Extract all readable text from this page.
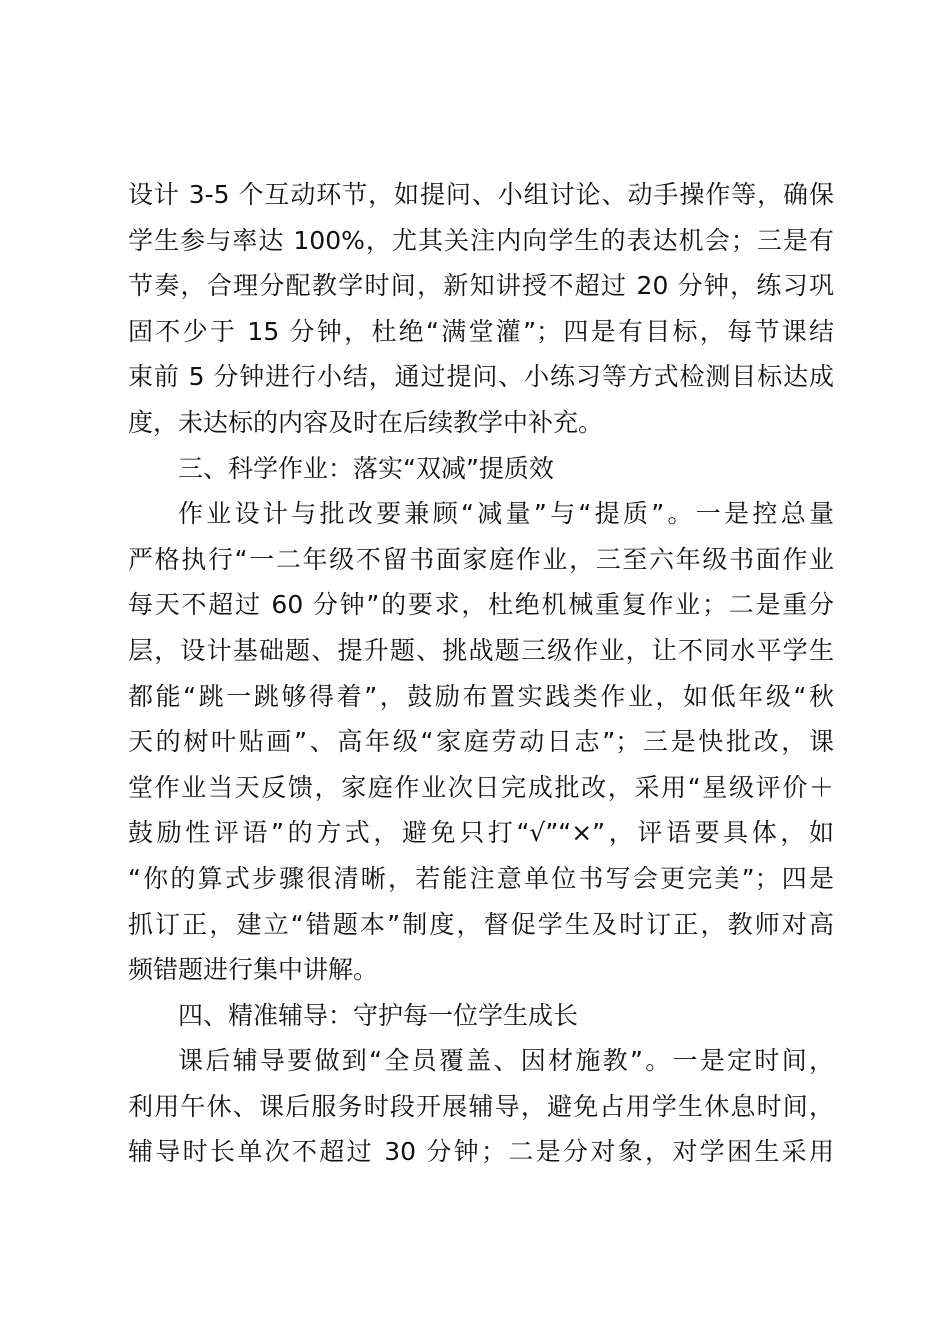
设计 3-5 个互动环节，如提问、小组讨论、动手操作等，确保
学生参与率达 100%，尤其关注内向学生的表达机会；三是有
节奏，合理分配教学时间，新知讲授不超过 20 分钟，练习巩
固不少于 15 分钟，杜绝“满堂灌”；四是有目标，每节课结
束前 5 分钟进行小结，通过提问、小练习等方式检测目标达成
度，未达标的内容及时在后续教学中补充。
三、科学作业：落实“双减”提质效
作业设计与批改要兼顾“减量”与“提质”。一是控总量
严格执行“一二年级不留书面家庭作业，三至六年级书面作业
每天不超过 60 分钟”的要求，杜绝机械重复作业；二是重分
层，设计基础题、提升题、挑战题三级作业，让不同水平学生
都能“跳一跳够得着”，鼓励布置实践类作业，如低年级“秋
天的树叶贴画”、高年级“家庭劳动日志”；三是快批改，课
堂作业当天反馈，家庭作业次日完成批改，采用“星级评价＋
鼓励性评语”的方式，避免只打“√”“×”，评语要具体，如
“你的算式步骤很清晰，若能注意单位书写会更完美”；四是
抓订正，建立“错题本”制度，督促学生及时订正，教师对高
频错题进行集中讲解。
四、精准辅导：守护每一位学生成长
课后辅导要做到“全员覆盖、因材施教”。一是定时间，
利用午休、课后服务时段开展辅导，避免占用学生休息时间，
辅导时长单次不超过 30 分钟；二是分对象，对学困生采用
